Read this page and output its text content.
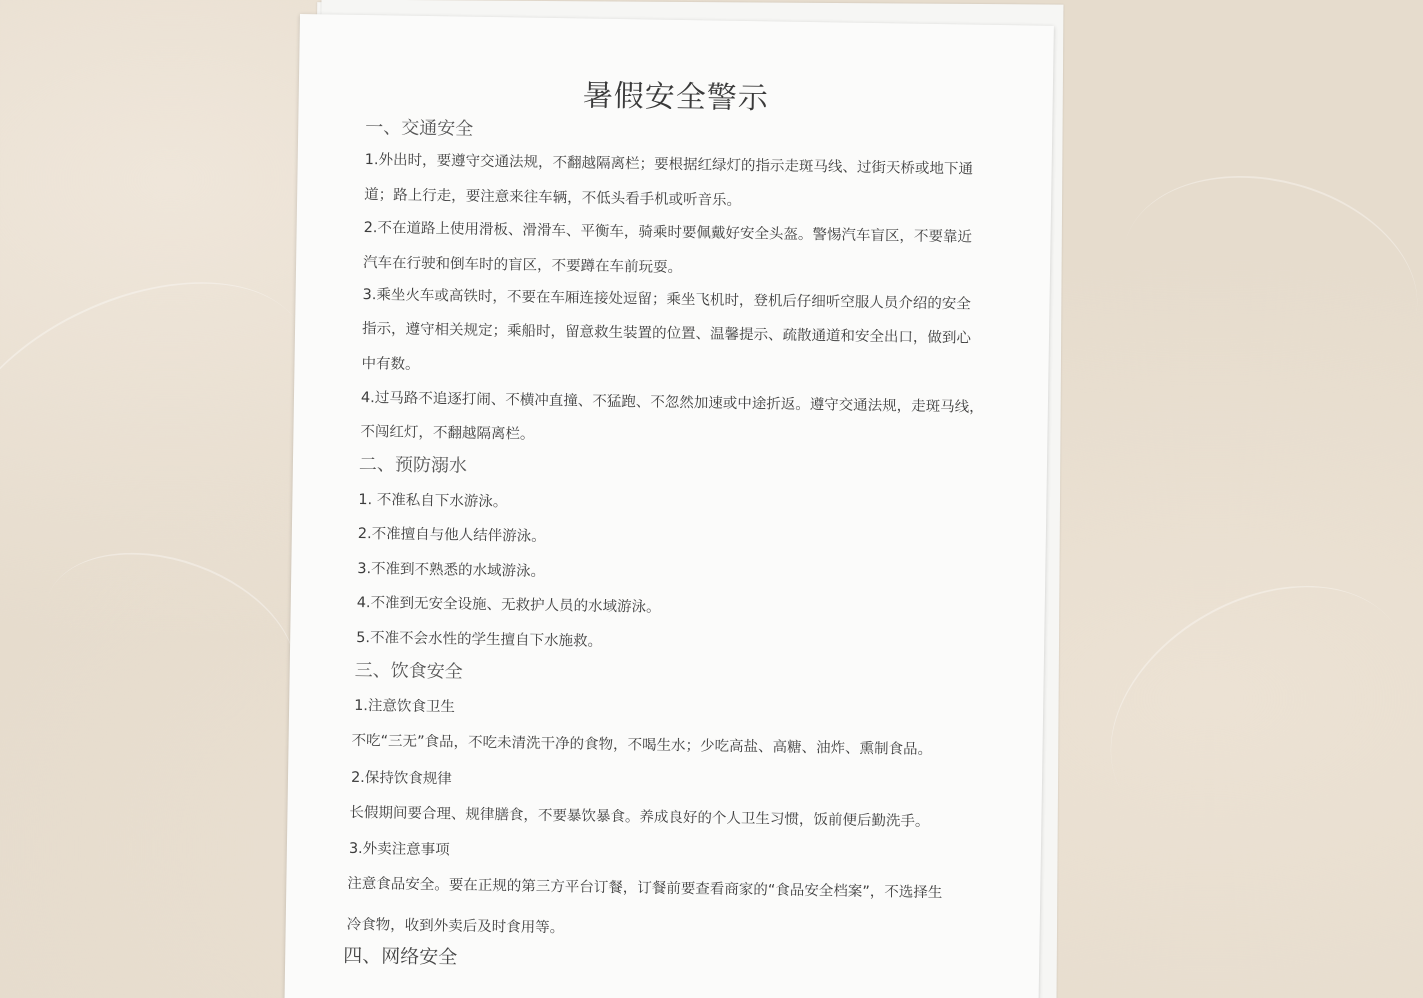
暑假安全警示
一、交通安全
1.外出时，要遵守交通法规，不翻越隔离栏；要根据红绿灯的指示走斑马线、过街天桥或地下通
道；路上行走，要注意来往车辆，不低头看手机或听音乐。
2.不在道路上使用滑板、滑滑车、平衡车，骑乘时要佩戴好安全头盔。警惕汽车盲区，不要靠近
汽车在行驶和倒车时的盲区，不要蹲在车前玩耍。
3.乘坐火车或高铁时，不要在车厢连接处逗留；乘坐飞机时，登机后仔细听空服人员介绍的安全
指示，遵守相关规定；乘船时，留意救生装置的位置、温馨提示、疏散通道和安全出口，做到心
中有数。
4.过马路不追逐打闹、不横冲直撞、不猛跑、不忽然加速或中途折返。遵守交通法规，走斑马线，
不闯红灯，不翻越隔离栏。
二、预防溺水
1. 不准私自下水游泳。
2.不准擅自与他人结伴游泳。
3.不准到不熟悉的水域游泳。
4.不准到无安全设施、无救护人员的水域游泳。
5.不准不会水性的学生擅自下水施救。
三、饮食安全
1.注意饮食卫生
不吃“三无”食品，不吃未清洗干净的食物，不喝生水；少吃高盐、高糖、油炸、熏制食品。
2.保持饮食规律
长假期间要合理、规律膳食，不要暴饮暴食。养成良好的个人卫生习惯，饭前便后勤洗手。
3.外卖注意事项
注意食品安全。要在正规的第三方平台订餐，订餐前要查看商家的“食品安全档案”，不选择生
冷食物，收到外卖后及时食用等。
四、网络安全
